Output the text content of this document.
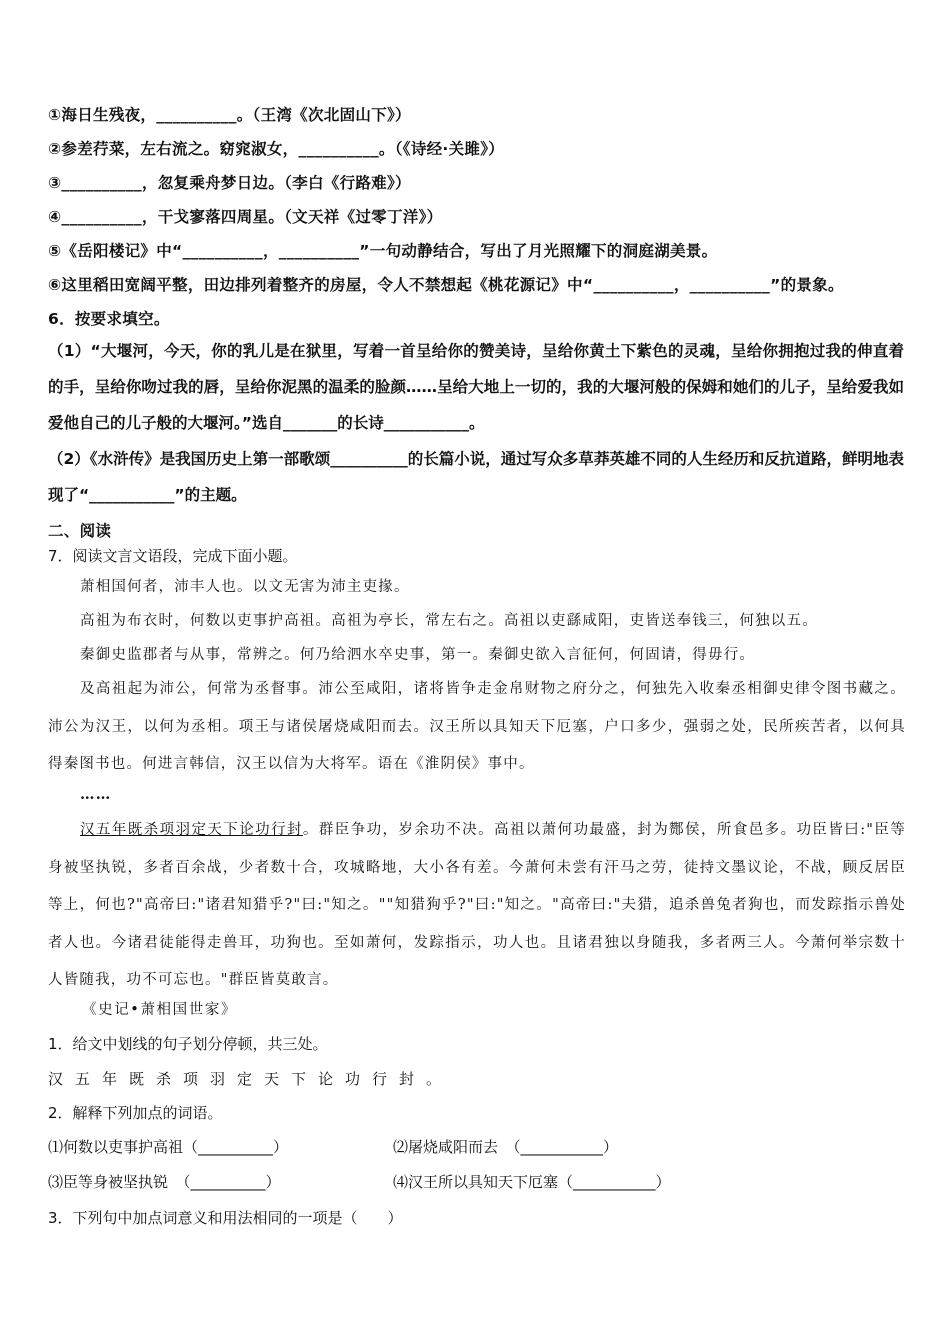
①海日生残夜，__________。（王湾《次北固山下》）
②参差荇菜，左右流之。窈窕淑女，__________。（《诗经·关雎》）
③__________，忽复乘舟梦日边。（李白《行路难》）
④__________，干戈寥落四周星。（文天祥《过零丁洋》）
⑤《岳阳楼记》中“__________，__________”一句动静结合，写出了月光照耀下的洞庭湖美景。
⑥这里稻田宽阔平整，田边排列着整齐的房屋，令人不禁想起《桃花源记》中“__________，__________”的景象。
6．按要求填空。
（1）“大堰河，今天，你的乳儿是在狱里，写着一首呈给你的赞美诗，呈给你黄土下紫色的灵魂，呈给你拥抱过我的伸直着的手，呈给你吻过我的唇，呈给你泥黑的温柔的脸颜……呈给大地上一切的，我的大堰河般的保姆和她们的儿子，呈给爱我如爱他自己的儿子般的大堰河。”选自_______的长诗___________。
（2）《水浒传》是我国历史上第一部歌颂__________的长篇小说，通过写众多草莽英雄不同的人生经历和反抗道路，鲜明地表现了“___________”的主题。
二、阅读
7．阅读文言文语段，完成下面小题。
萧相国何者，沛丰人也。以文无害为沛主吏掾。
高祖为布衣时，何数以吏事护高祖。高祖为亭长，常左右之。高祖以吏繇咸阳，吏皆送奉钱三，何独以五。
秦御史监郡者与从事，常辨之。何乃给泗水卒史事，第一。秦御史欲入言征何，何固请，得毋行。
及高祖起为沛公，何常为丞督事。沛公至咸阳，诸将皆争走金帛财物之府分之，何独先入收秦丞相御史律令图书藏之。沛公为汉王，以何为丞相。项王与诸侯屠烧咸阳而去。汉王所以具知天下厄塞，户口多少，强弱之处，民所疾苦者，以何具得秦图书也。何进言韩信，汉王以信为大将军。语在《淮阴侯》事中。
……
汉五年既杀项羽定天下论功行封。群臣争功，岁余功不决。高祖以萧何功最盛，封为酂侯，所食邑多。功臣皆曰:"臣等身被坚执锐，多者百余战，少者数十合，攻城略地，大小各有差。今萧何未尝有汗马之劳，徒持文墨议论，不战，顾反居臣等上，何也?"高帝曰:"诸君知猎乎?"曰:"知之。""知猎狗乎?"曰:"知之。"高帝曰:"夫猎，追杀兽兔者狗也，而发踪指示兽处者人也。今诸君徒能得走兽耳，功狗也。至如萧何，发踪指示，功人也。且诸君独以身随我，多者两三人。今萧何举宗数十人皆随我，功不可忘也。"群臣皆莫敢言。
《史记•萧相国世家》
1．给文中划线的句子划分停顿，共三处。
汉五年既杀项羽定天下论功行封。
2．解释下列加点的词语。
⑴何数以吏事护高祖（__________）	⑵屠烧咸阳而去　（___________）
⑶臣等身被坚执锐　（__________）	⑷汉王所以具知天下厄塞（___________）
3．下列句中加点词意义和用法相同的一项是（　　）
